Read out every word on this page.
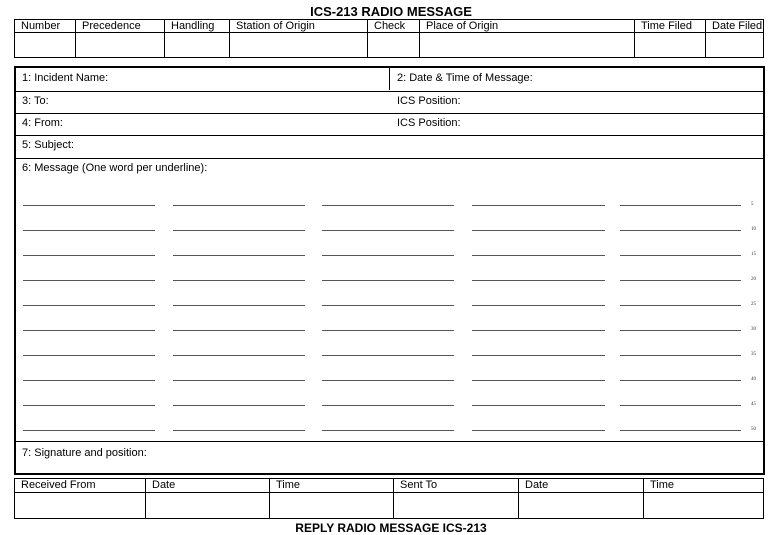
ICS-213 RADIO MESSAGE
Number	Precedence	Handling	Station of Origin	Check	Place of Origin	Time Filed	Date Filed

1: Incident Name:	2: Date & Time of Message:
3: To:	ICS Position:
4: From:	ICS Position:
5: Subject:
6: Message (One word per underline):
5
10
15
20
25
30
35
40
45
50
7: Signature and position:
Received From	Date	Time	Sent To	Date	Time

REPLY RADIO MESSAGE ICS-213
